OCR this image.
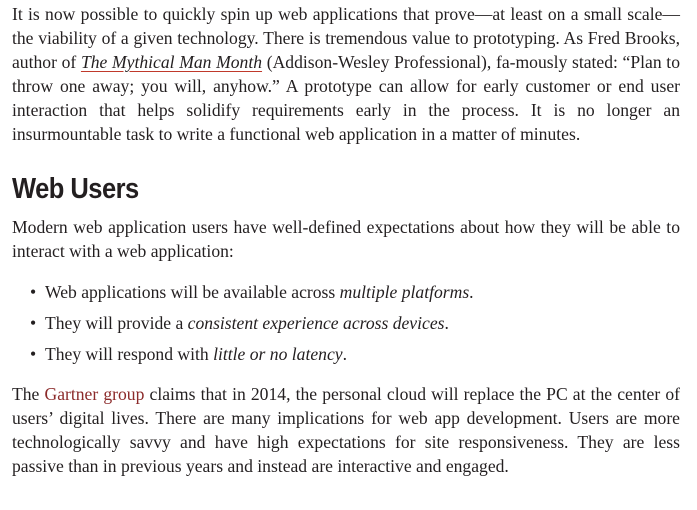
It is now possible to quickly spin up web applications that prove—at least on a small scale—the viability of a given technology. There is tremendous value to prototyping. As Fred Brooks, author of The Mythical Man Month (Addison-Wesley Professional), fa-mously stated: “Plan to throw one away; you will, anyhow.” A prototype can allow for early customer or end user interaction that helps solidify requirements early in the process. It is no longer an insurmountable task to write a functional web application in a matter of minutes.

Web Users

Modern web application users have well-defined expectations about how they will be able to interact with a web application:

• Web applications will be available across multiple platforms.
• They will provide a consistent experience across devices.
• They will respond with little or no latency.

The Gartner group claims that in 2014, the personal cloud will replace the PC at the center of users’ digital lives. There are many implications for web app development. Users are more technologically savvy and have high expectations for site responsiveness. They are less passive than in previous years and instead are interactive and engaged.
